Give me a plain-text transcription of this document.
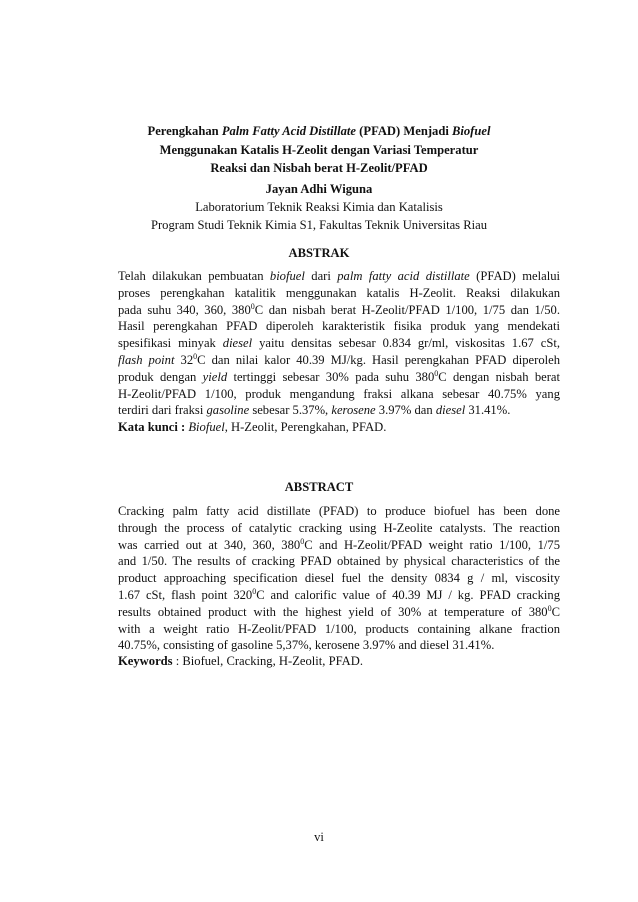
Perengkahan Palm Fatty Acid Distillate (PFAD) Menjadi Biofuel
Menggunakan Katalis H-Zeolit dengan Variasi Temperatur
Reaksi dan Nisbah berat H-Zeolit/PFAD
Jayan Adhi Wiguna
Laboratorium Teknik Reaksi Kimia dan Katalisis
Program Studi Teknik Kimia S1, Fakultas Teknik Universitas Riau
ABSTRAK
Telah dilakukan pembuatan biofuel dari palm fatty acid distillate (PFAD) melalui
proses perengkahan katalitik menggunakan katalis H-Zeolit. Reaksi dilakukan
pada suhu 340, 360, $380^0C$ dan nisbah berat H-Zeolit/PFAD 1/100, 1/75 dan 1/50.
Hasil perengkahan PFAD diperoleh karakteristik fisika produk yang mendekati
spesifikasi minyak diesel yaitu densitas sebesar 0.834 gr/ml, viskositas 1.67 cSt,
flash point $32^0C$ dan nilai kalor 40.39 MJ/kg. Hasil perengkahan PFAD diperoleh
produk dengan yield tertinggi sebesar 30% pada suhu $380^0C$ dengan nisbah berat
H-Zeolit/PFAD 1/100, produk mengandung fraksi alkana sebesar 40.75% yang
terdiri dari fraksi gasoline sebesar 5.37%, kerosene 3.97% dan diesel 31.41%.
Kata kunci : Biofuel, H-Zeolit, Perengkahan, PFAD.
ABSTRACT
Cracking palm fatty acid distillate (PFAD) to produce biofuel has been done
through the process of catalytic cracking using H-Zeolite catalysts. The reaction
was carried out at 340, 360, $380^0C$ and H-Zeolit/PFAD weight ratio 1/100, 1/75
and 1/50. The results of cracking PFAD obtained by physical characteristics of the
product approaching specification diesel fuel the density 0834 g / ml, viscosity
1.67 cSt, flash point $320^0C$ and calorific value of 40.39 MJ / kg. PFAD cracking
results obtained product with the highest yield of 30% at temperature of $380^0C$
with a weight ratio H-Zeolit/PFAD 1/100, products containing alkane fraction
40.75%, consisting of gasoline 5,37%, kerosene 3.97% and diesel 31.41%.
Keywords : Biofuel, Cracking, H-Zeolit, PFAD.
vi
